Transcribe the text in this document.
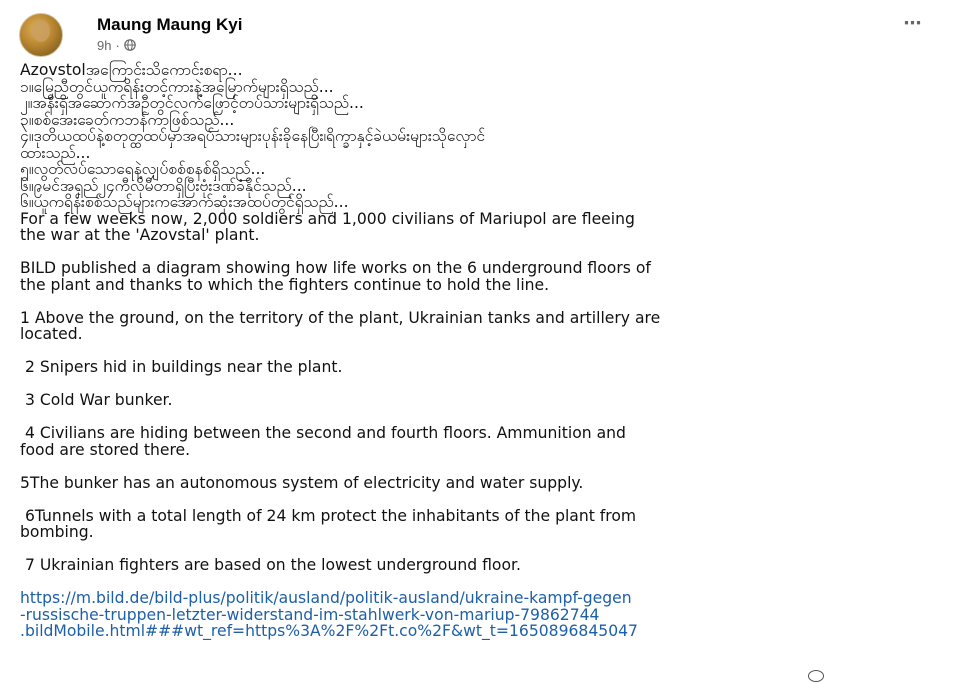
Maung Maung Kyi
9h ·
⋯

Azovstolအကြောင်းသိကောင်းစရာ...

၁။မြေညီတွင်ယူကရိန်းတင့်ကားနဲ့အမြောက်များရှိသည်...

၂။အနီးရှိအဆောက်အဦတွင်လက်ဖြောင့်တပ်သားများရှိသည်...

၃။စစ်အေးခေတ်ကဘန်ကာဖြစ်သည်...

၄။ဒုတိယထပ်နဲ့စတုတ္ထထပ်မှာအရပ်သားများပုန်းခိုနေပြီး၊ရိက္ခာနှင့်ခဲယမ်းများသိုလှောင်

ထားသည်...

၅။လွတ်လပ်သောရေနဲ့လျှပ်စစ်စနစ်ရှိသည်...

၆။၉မင်အရှည်၂၄ကီလိုမီတာရှိပြီးဗုံးဒဏ်ခံနိုင်သည်...

၆။ယူကရိန်းစစ်သည်များကအောက်ဆုံးအထပ်တွင်ရှိသည်...

For a few weeks now, 2,000 soldiers and 1,000 civilians of Mariupol are fleeing
the war at the 'Azovstal' plant.

BILD published a diagram showing how life works on the 6 underground floors of
the plant and thanks to which the fighters continue to hold the line.

1 Above the ground, on the territory of the plant, Ukrainian tanks and artillery are
located.

2 Snipers hid in buildings near the plant.

3 Cold War bunker.

4 Civilians are hiding between the second and fourth floors. Ammunition and
food are stored there.

5The bunker has an autonomous system of electricity and water supply.

6Tunnels with a total length of 24 km protect the inhabitants of the plant from
bombing.

7 Ukrainian fighters are based on the lowest underground floor.

https://m.bild.de/bild-plus/politik/ausland/politik-ausland/ukraine-kampf-gegen
-russische-truppen-letzter-widerstand-im-stahlwerk-von-mariup-79862744
.bildMobile.html###wt_ref=https%3A%2F%2Ft.co%2F&wt_t=1650896845047
